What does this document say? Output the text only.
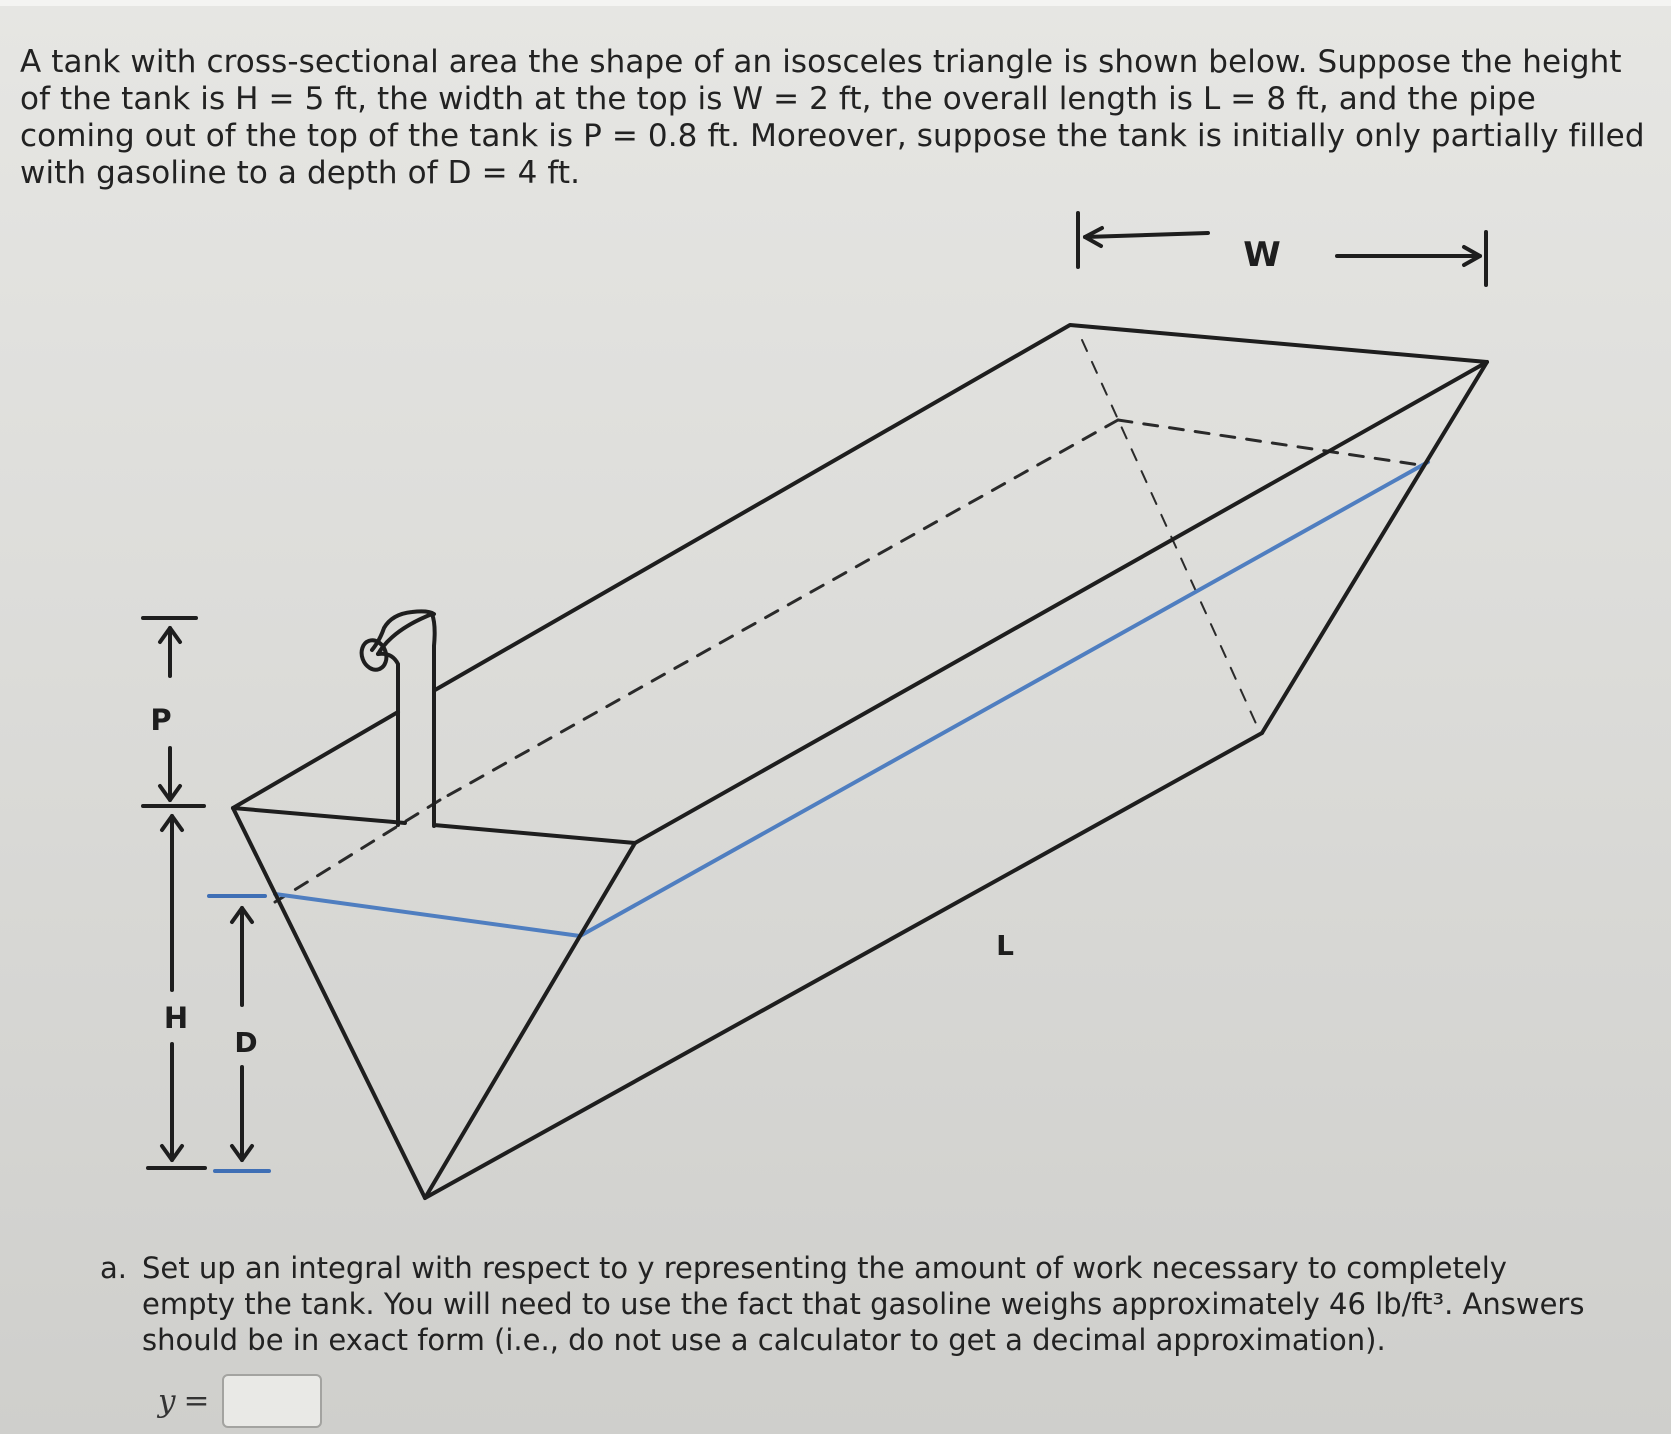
A tank with cross-sectional area the shape of an isosceles triangle is shown below. Suppose the height of the tank is H = 5 ft, the width at the top is W = 2 ft, the overall length is L = 8 ft, and the pipe coming out of the top of the tank is P = 0.8 ft. Moreover, suppose the tank is initially only partially filled with gasoline to a depth of D = 4 ft.

W
P
H
D
L
a. Set up an integral with respect to y representing the amount of work necessary to completely empty the tank. You will need to use the fact that gasoline weighs approximately 46 lb/ft³. Answers should be in exact form (i.e., do not use a calculator to get a decimal approximation).
y =
